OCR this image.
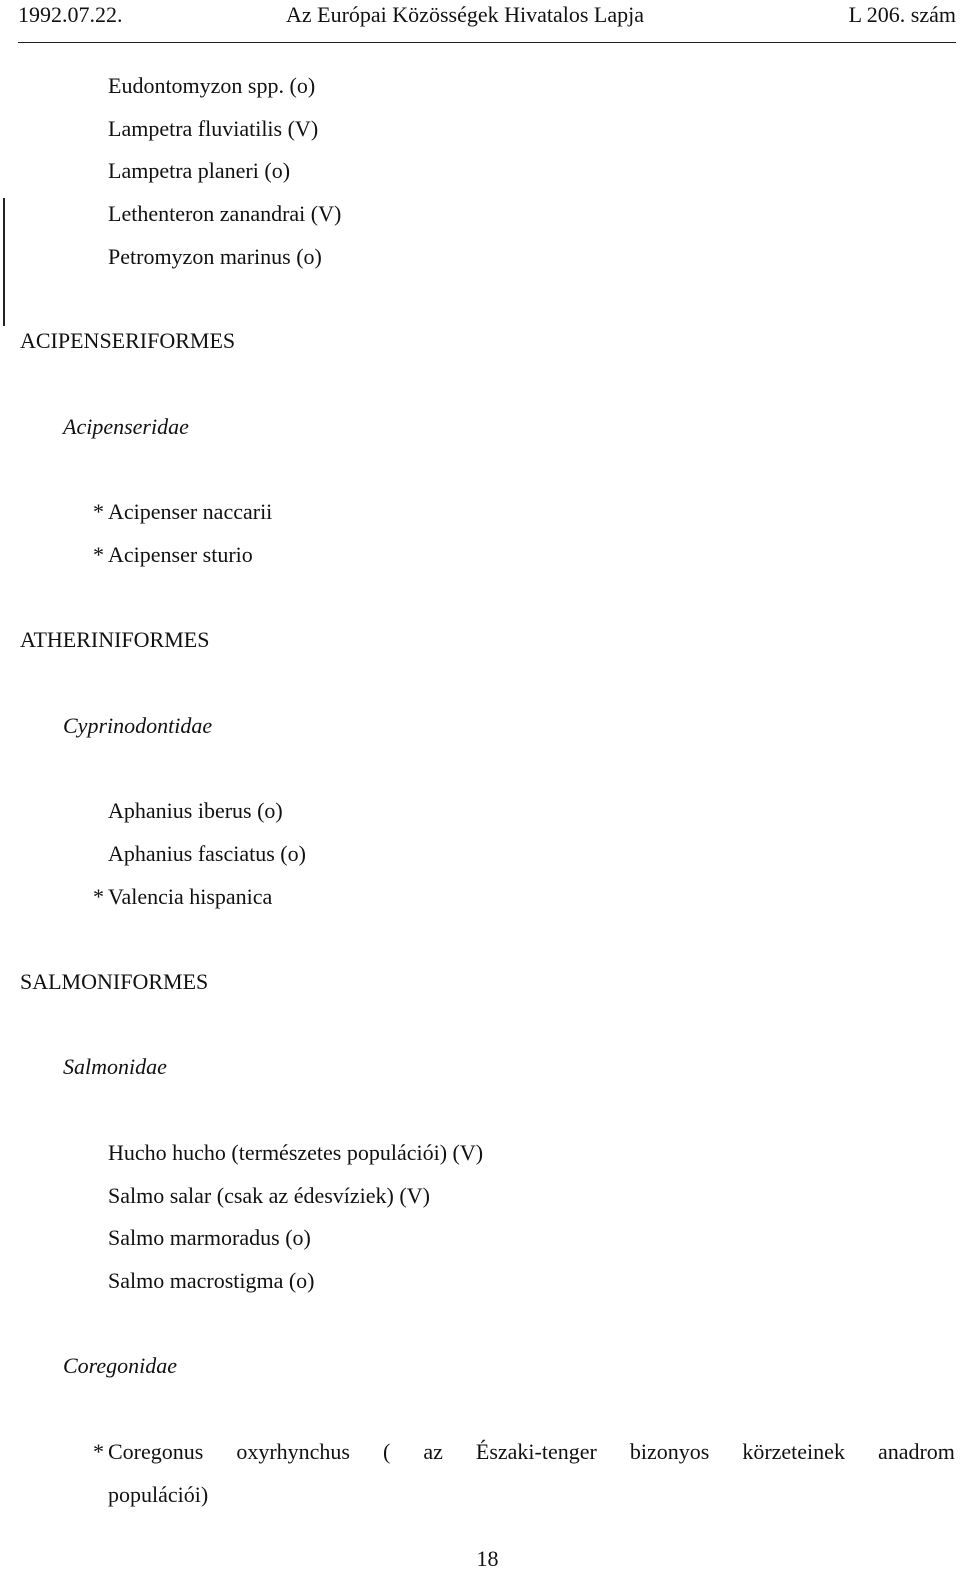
1992.07.22.	Az Európai Közösségek Hivatalos Lapja	L 206. szám
Eudontomyzon spp. (o)
Lampetra fluviatilis (V)
Lampetra planeri (o)
Lethenteron zanandrai (V)
Petromyzon marinus (o)
ACIPENSERIFORMES
Acipenseridae
* Acipenser naccarii
* Acipenser sturio
ATHERINIFORMES
Cyprinodontidae
Aphanius iberus (o)
Aphanius fasciatus (o)
* Valencia hispanica
SALMONIFORMES
Salmonidae
Hucho hucho (természetes populációi) (V)
Salmo salar (csak az édesvíziek) (V)
Salmo marmoradus (o)
Salmo macrostigma (o)
Coregonidae
* Coregonus oxyrhynchus ( az Északi-tenger bizonyos körzeteinek anadrom
populációi)
18
